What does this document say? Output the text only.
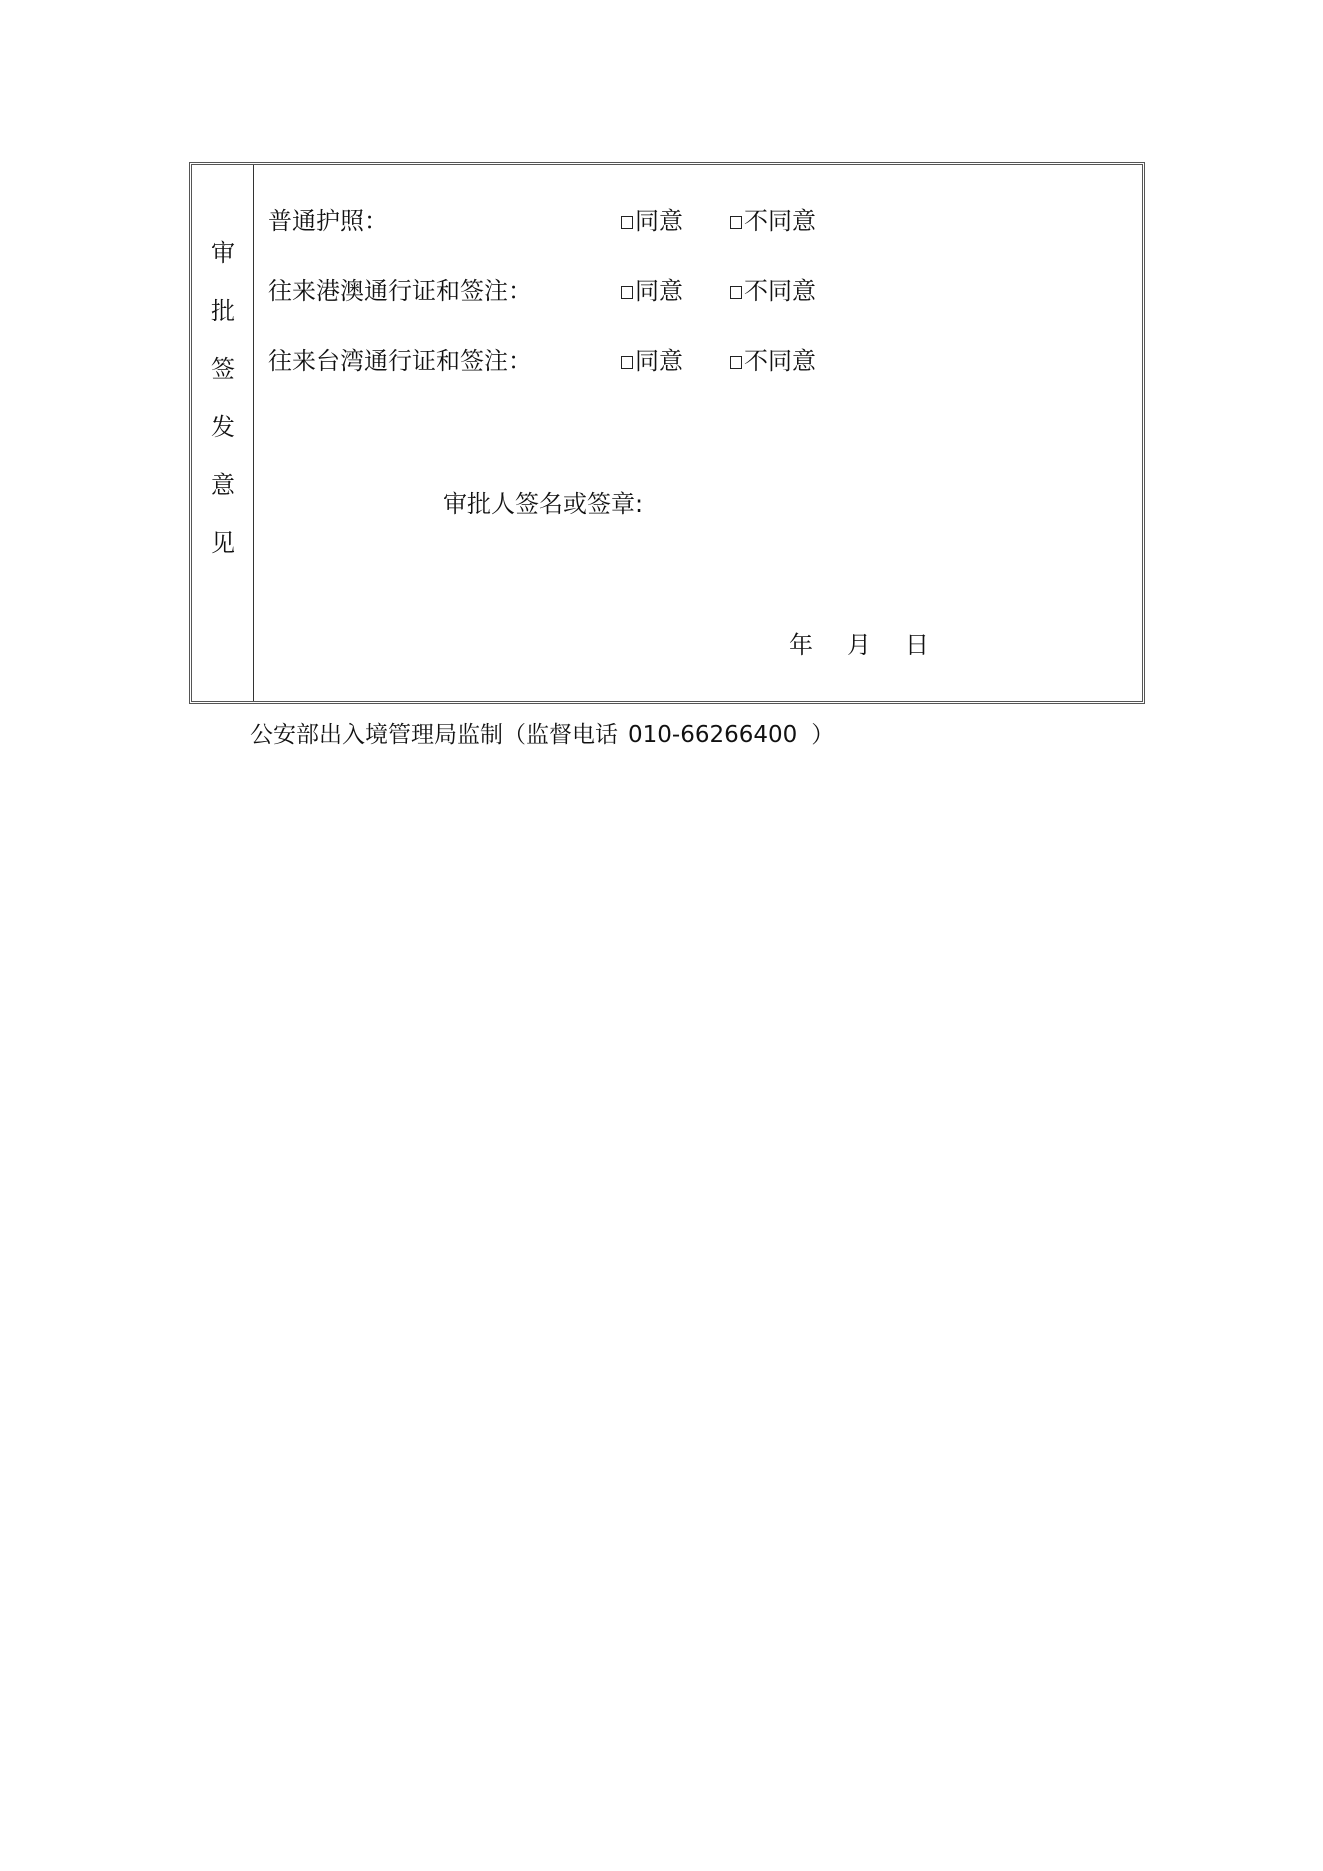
审
批
签
发
意
见
普通护照：	同意	不同意
往来港澳通行证和签注：	同意	不同意
往来台湾通行证和签注：	同意	不同意
审批人签名或签章:
年 月 日
公安部出入境管理局监制（监督电话 010-66266400 ）
